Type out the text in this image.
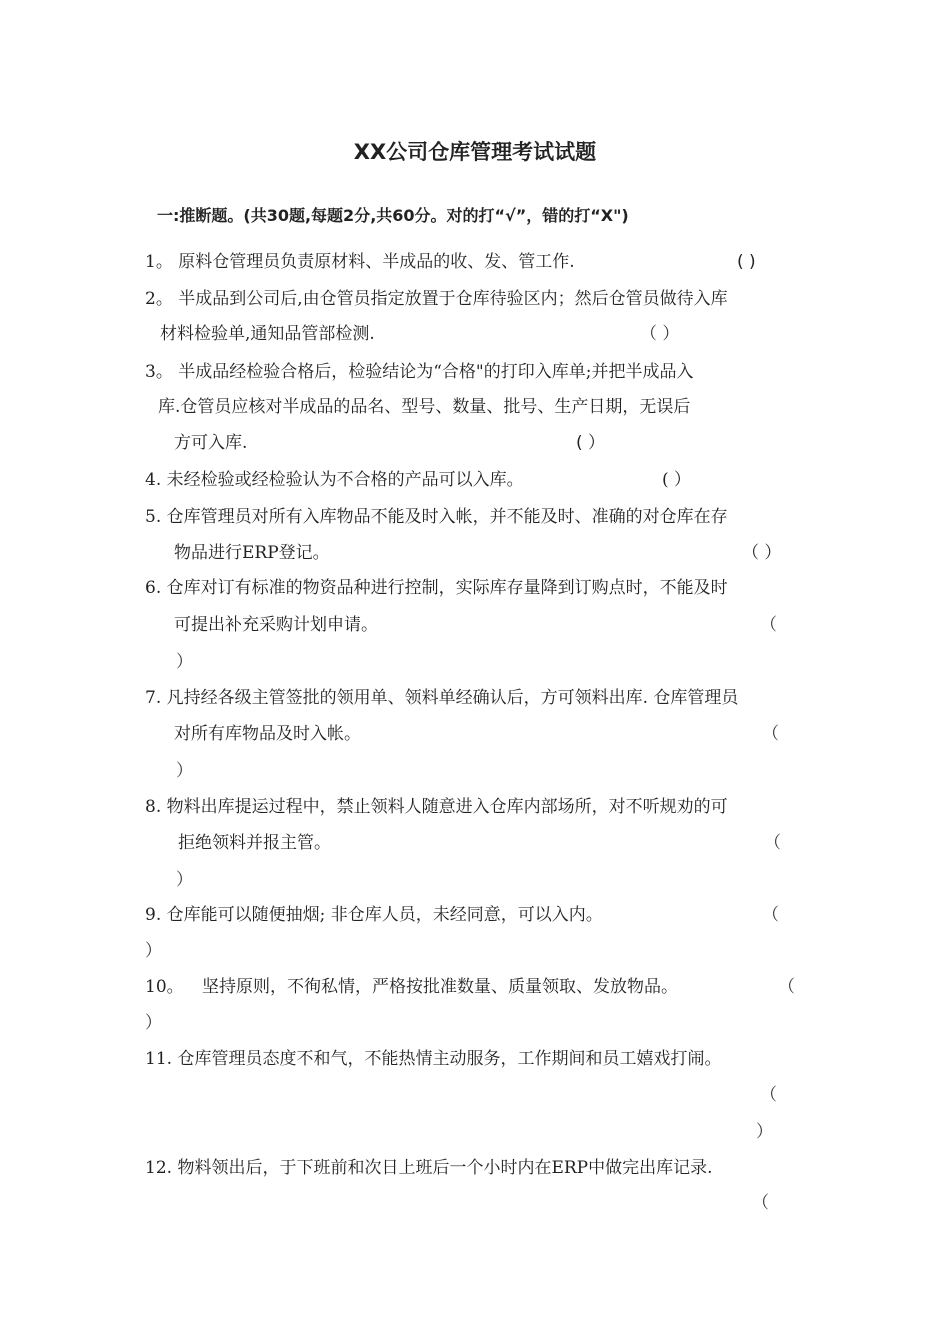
XX公司仓库管理考试试题
一:推断题。(共30题,每题2分,共60分。对的打“√”，错的打“X")
1。 原料仓管理员负责原材料、半成品的收、发、管工作.	( )
2。 半成品到公司后,由仓管员指定放置于仓库待验区内；然后仓管员做待入库
材料检验单,通知品管部检测.	（ ）
3。 半成品经检验合格后，检验结论为“合格"的打印入库单;并把半成品入
库.仓管员应核对半成品的品名、型号、数量、批号、生产日期，无误后
方可入库.	( ）
4. 未经检验或经检验认为不合格的产品可以入库。	( ）
5. 仓库管理员对所有入库物品不能及时入帐，并不能及时、准确的对仓库在存
物品进行ERP登记。	（ ）
6. 仓库对订有标准的物资品种进行控制，实际库存量降到订购点时，不能及时
可提出补充采购计划申请。	（
）
7. 凡持经各级主管签批的领用单、领料单经确认后，方可领料出库. 仓库管理员
对所有库物品及时入帐。	（
）
8. 物料出库提运过程中，禁止领料人随意进入仓库内部场所，对不听规劝的可
拒绝领料并报主管。	（
）
9. 仓库能可以随便抽烟; 非仓库人员，未经同意，可以入内。	（
）
10。 坚持原则，不徇私情，严格按批准数量、质量领取、发放物品。	（
）
11. 仓库管理员态度不和气，不能热情主动服务，工作期间和员工嬉戏打闹。
（
）
12. 物料领出后，于下班前和次日上班后一个小时内在ERP中做完出库记录.
（
